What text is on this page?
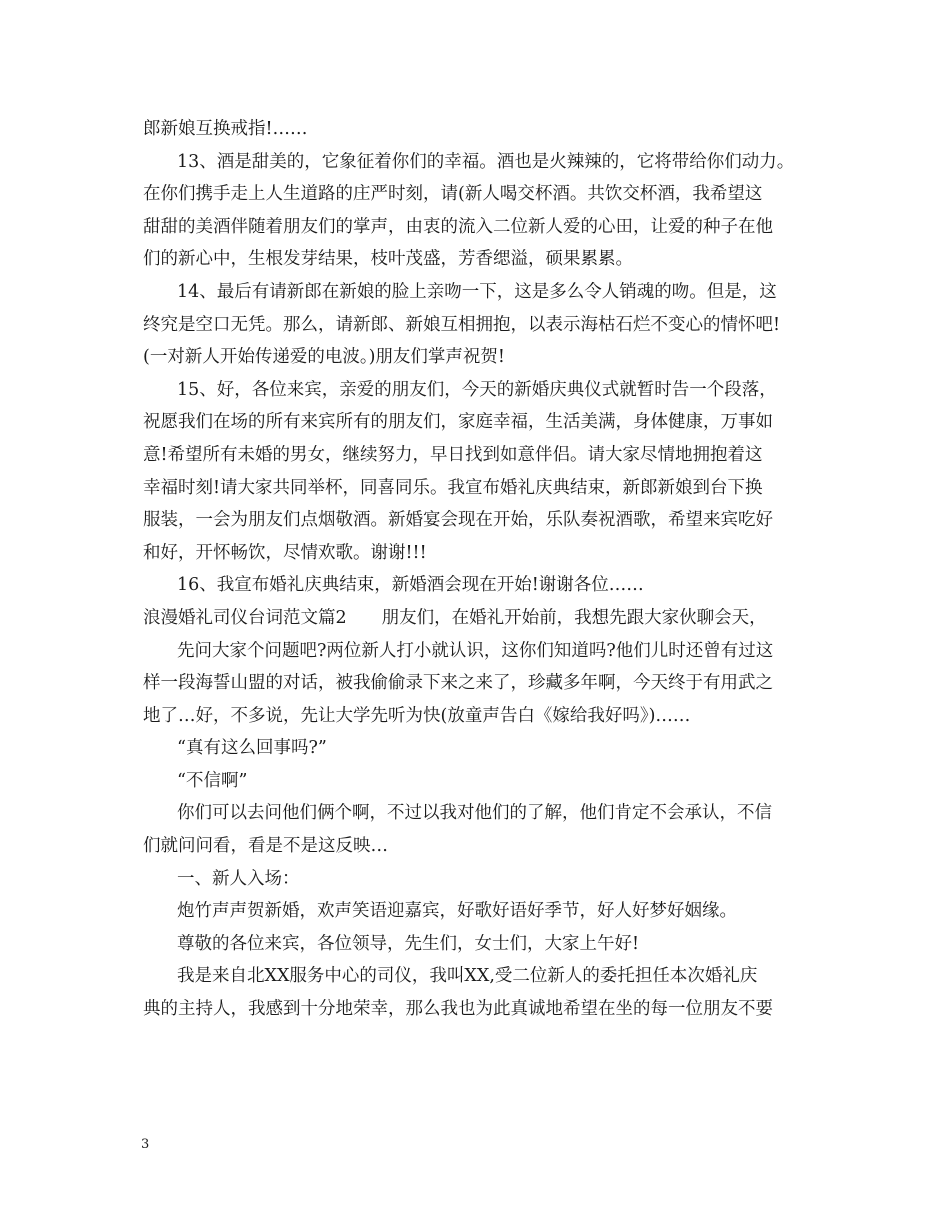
郎新娘互换戒指!……
13、酒是甜美的，它象征着你们的幸福。酒也是火辣辣的，它将带给你们动力。
在你们携手走上人生道路的庄严时刻，请(新人喝交杯酒。共饮交杯酒，我希望这
甜甜的美酒伴随着朋友们的掌声，由衷的流入二位新人爱的心田，让爱的种子在他
们的新心中，生根发芽结果，枝叶茂盛，芳香缌溢，硕果累累。
14、最后有请新郎在新娘的脸上亲吻一下，这是多么令人销魂的吻。但是，这
终究是空口无凭。那么，请新郎、新娘互相拥抱，以表示海枯石烂不变心的情怀吧!
(一对新人开始传递爱的电波。)朋友们掌声祝贺!
15、好，各位来宾，亲爱的朋友们，今天的新婚庆典仪式就暂时告一个段落，
祝愿我们在场的所有来宾所有的朋友们，家庭幸福，生活美满，身体健康，万事如
意!希望所有未婚的男女，继续努力，早日找到如意伴侣。请大家尽情地拥抱着这
幸福时刻!请大家共同举杯，同喜同乐。我宣布婚礼庆典结束，新郎新娘到台下换
服装，一会为朋友们点烟敬酒。新婚宴会现在开始，乐队奏祝酒歌，希望来宾吃好
和好，开怀畅饮，尽情欢歌。谢谢!!!
16、我宣布婚礼庆典结束，新婚酒会现在开始!谢谢各位……
浪漫婚礼司仪台词范文篇2　　朋友们，在婚礼开始前，我想先跟大家伙聊会天，
先问大家个问题吧?两位新人打小就认识，这你们知道吗?他们儿时还曾有过这
样一段海誓山盟的对话，被我偷偷录下来之来了，珍藏多年啊，今天终于有用武之
地了…好，不多说，先让大学先听为快(放童声告白《嫁给我好吗》)……
“真有这么回事吗?”
“不信啊”
你们可以去问他们俩个啊，不过以我对他们的了解，他们肯定不会承认，不信
们就问问看，看是不是这反映…
一、新人入场：
炮竹声声贺新婚，欢声笑语迎嘉宾，好歌好语好季节，好人好梦好姻缘。
尊敬的各位来宾，各位领导，先生们，女士们，大家上午好!
我是来自北XX服务中心的司仪，我叫XX,受二位新人的委托担任本次婚礼庆
典的主持人，我感到十分地荣幸，那么我也为此真诚地希望在坐的每一位朋友不要
3
